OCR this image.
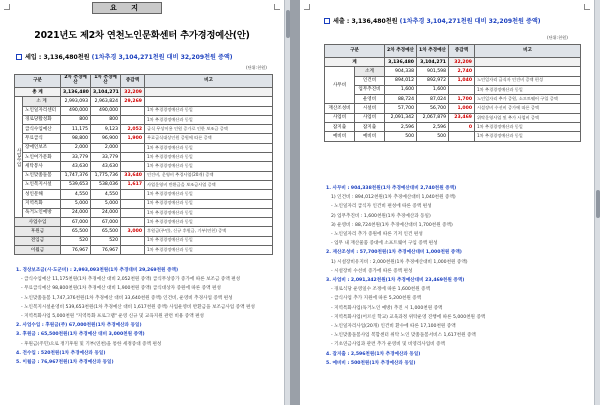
요 지
2021년도 제2차 연천노인문화센터 추가경정예산(안)
세입 : 3,136,480천원 (1차추경 3,104,271천원 대비 32,209천원 증액)
구분		2차 추경예산	1차 추경예산	증감액	비고
총 계		3,136,480	3,104,271	32,209	
사업수입	소 계	2,993,093	2,963,824	29,269	
	노인일자리센터	490,000	490,000		1차 추경경정예산과 동일
	경로당활성화	800	800		1차 추경경정예산과 동일
	급식수입예산	11,175	9,123	2,052	급식 무상이용 인원 증가로 인한 보조금 증액
	무료급식	98,800	96,900	1,900	무료급식대상인원 증원에 따른 증액
	장애인보조	2,000	2,000		1차 추경경정예산과 동일
	노인여가문화	33,779	33,779		1차 추경경정예산과 동일
	세탁봉사	43,630	43,630		1차 추경경정예산과 동일
	노인맞춤돌봄	1,747,376	1,775,736	33,640	인건비, 운영비 추경사업(20개) 증액
	노인복지시설	539,653	538,036	1,617	사업운영비 반환금을 보조금사업 증액
	성인문해	4,550	4,550		1차 추경경정예산과 동일
	지역특화	5,000	5,000		1차 추경경정예산과 동일
	독거노인예방	24,000	24,000		1차 추경경정예산과 동일
사업수입		67,000	67,000		1차 추경경정예산과 동일
후원금		65,500	65,500	3,000	후원금(주민), 신규 후원금, 기부(연천) 증액
전입금		520	520		1차 추경경정예산과 동일
이월금		76,967	76,967		1차 추경경정예산과 동일
1. 경상보조금(시·도군비) : 2,993,093천원(1차 추경대비 29,269천원 증액)
- 급식수입예산 11,175천원(1차 추경예산 대비 2,052천원 증액) 급식무상증가 증가에 따른 보조금 증액 편성
- 무료급식예산 98,800천원(1차 추경예산 대비 1,900천원 증액) 급식대상자 증원에 따른 증액 편성
- 노인맞춤돌봄 1,747,376천원(1차 추경예산 대비 33,640천원 증액) 인건비, 운영비 추경사업 증액 편성
- 노인복지시설운영비 539,653천원(1차 추경예산 대비 1,617천원 증액) 사업운영비 반환금을 보조금사업 증액 편성
- 지역특화사업 5,000천원 "지역특화 프로그램" 운영 신규 및 교육지원 관련 비용 증액 편성
2. 사업수입 : 후원금(주) 67,000천원(1차 추경예산과 동일)
3. 후원금 : 65,500천원(1차 추경예산 대비 3,000천원 증액)
- 후원금(주민)으로 정기후원 및 기부(연천)을 통한 세정증대 증액 편성
4. 전수입 : 520천원(1차 추경예산과 동일)
5. 이월금 : 76,967천원(1차 추경예산과 동일)
(단위:천원)
세출 : 3,136,480천원 (1차추경 3,104,271천원 대비 32,209천원 증액)
(단위:천원)
구분		2차 추경예산	1차 추경예산	증감액	비고
계		3,136,480	3,104,271	32,209	
사무비	소계	904,338	901,598	2,740	
	인건비	894,012	892,972	1,040	노인일자리 급식자 인건비 증액 편성
	업무추진비	1,600	1,600		1차 추경경정예산과 동일
	운영비	88,724	87,024	1,700	노인일자리 추가 증원, 소프트웨어 구입 증액
재산조성비	시설비	57,700	56,700	1,000	시설장비 수선비 증가에 따른 증액
사업비	사업비	2,091,342	2,067,879	23,469	위탁운영사업 및 추가 사업비 증액
잡지출	잡지출	2,596	2,596	0	1차 추경경정예산과 동일
예비비	예비비	500	500		1차 추경경정예산과 동일
1. 사무비 : 904,338천원(1차 추경예산대비 2,740천원 증액)
1) 인건비 : 894,012천원(1차 추경예산대비 1,040천원 증액)
- 노인일자리 급식자 인건비 편성에 따른 증액 편성
2) 업무추진비 : 1,600천원(1차 추경예산과 동일)
3) 운영비 : 88,724천원(1차 추경예산대비 1,700천원 증액)
- 노인일자리 추가 증원에 따른 기저 인건 편성
- 업무 내 재산물품 증대에 소프트웨어 구입 증액 편성
2. 재산조성비 : 57,700천원(1차 추경예산대비 1,000천원 증액)
1) 시설장비유지비 : 2,000천원(1차 추경예산대비 1,000천원 증액)
- 시설장비 수선비 증가에 따른 증액 편성
3. 사업비 : 2,091,342천원(1차 추경예산대비 23,469천원 증액)
- 경로식당 운영일수 조정에 따른 1,600천원 증액
- 급식사업 추가 지원에 따른 5,200천원 증액
- 지역특화사업(독거노인 예방) 추진 시 1,000천원 증액
- 지역특화사업(어르신 학교) 교육과정 위탁운영 진행에 따른 5,000천원 증액
- 노인일자리사업(20개) 인건비 환수에 따른 17,100천원 증액
- 노인맞춤돌봄사업 복합센터 위탁 노인 맞춤돌봄서비스 1,617천원 증액
- 기초연금사업과 관련 추가 운영비 및 비영리사업비 증액
4. 잡지출 : 2,596천원(1차 추경예산과 동일)
5. 예비비 : 500천원(1차 추경예산과 동일)
